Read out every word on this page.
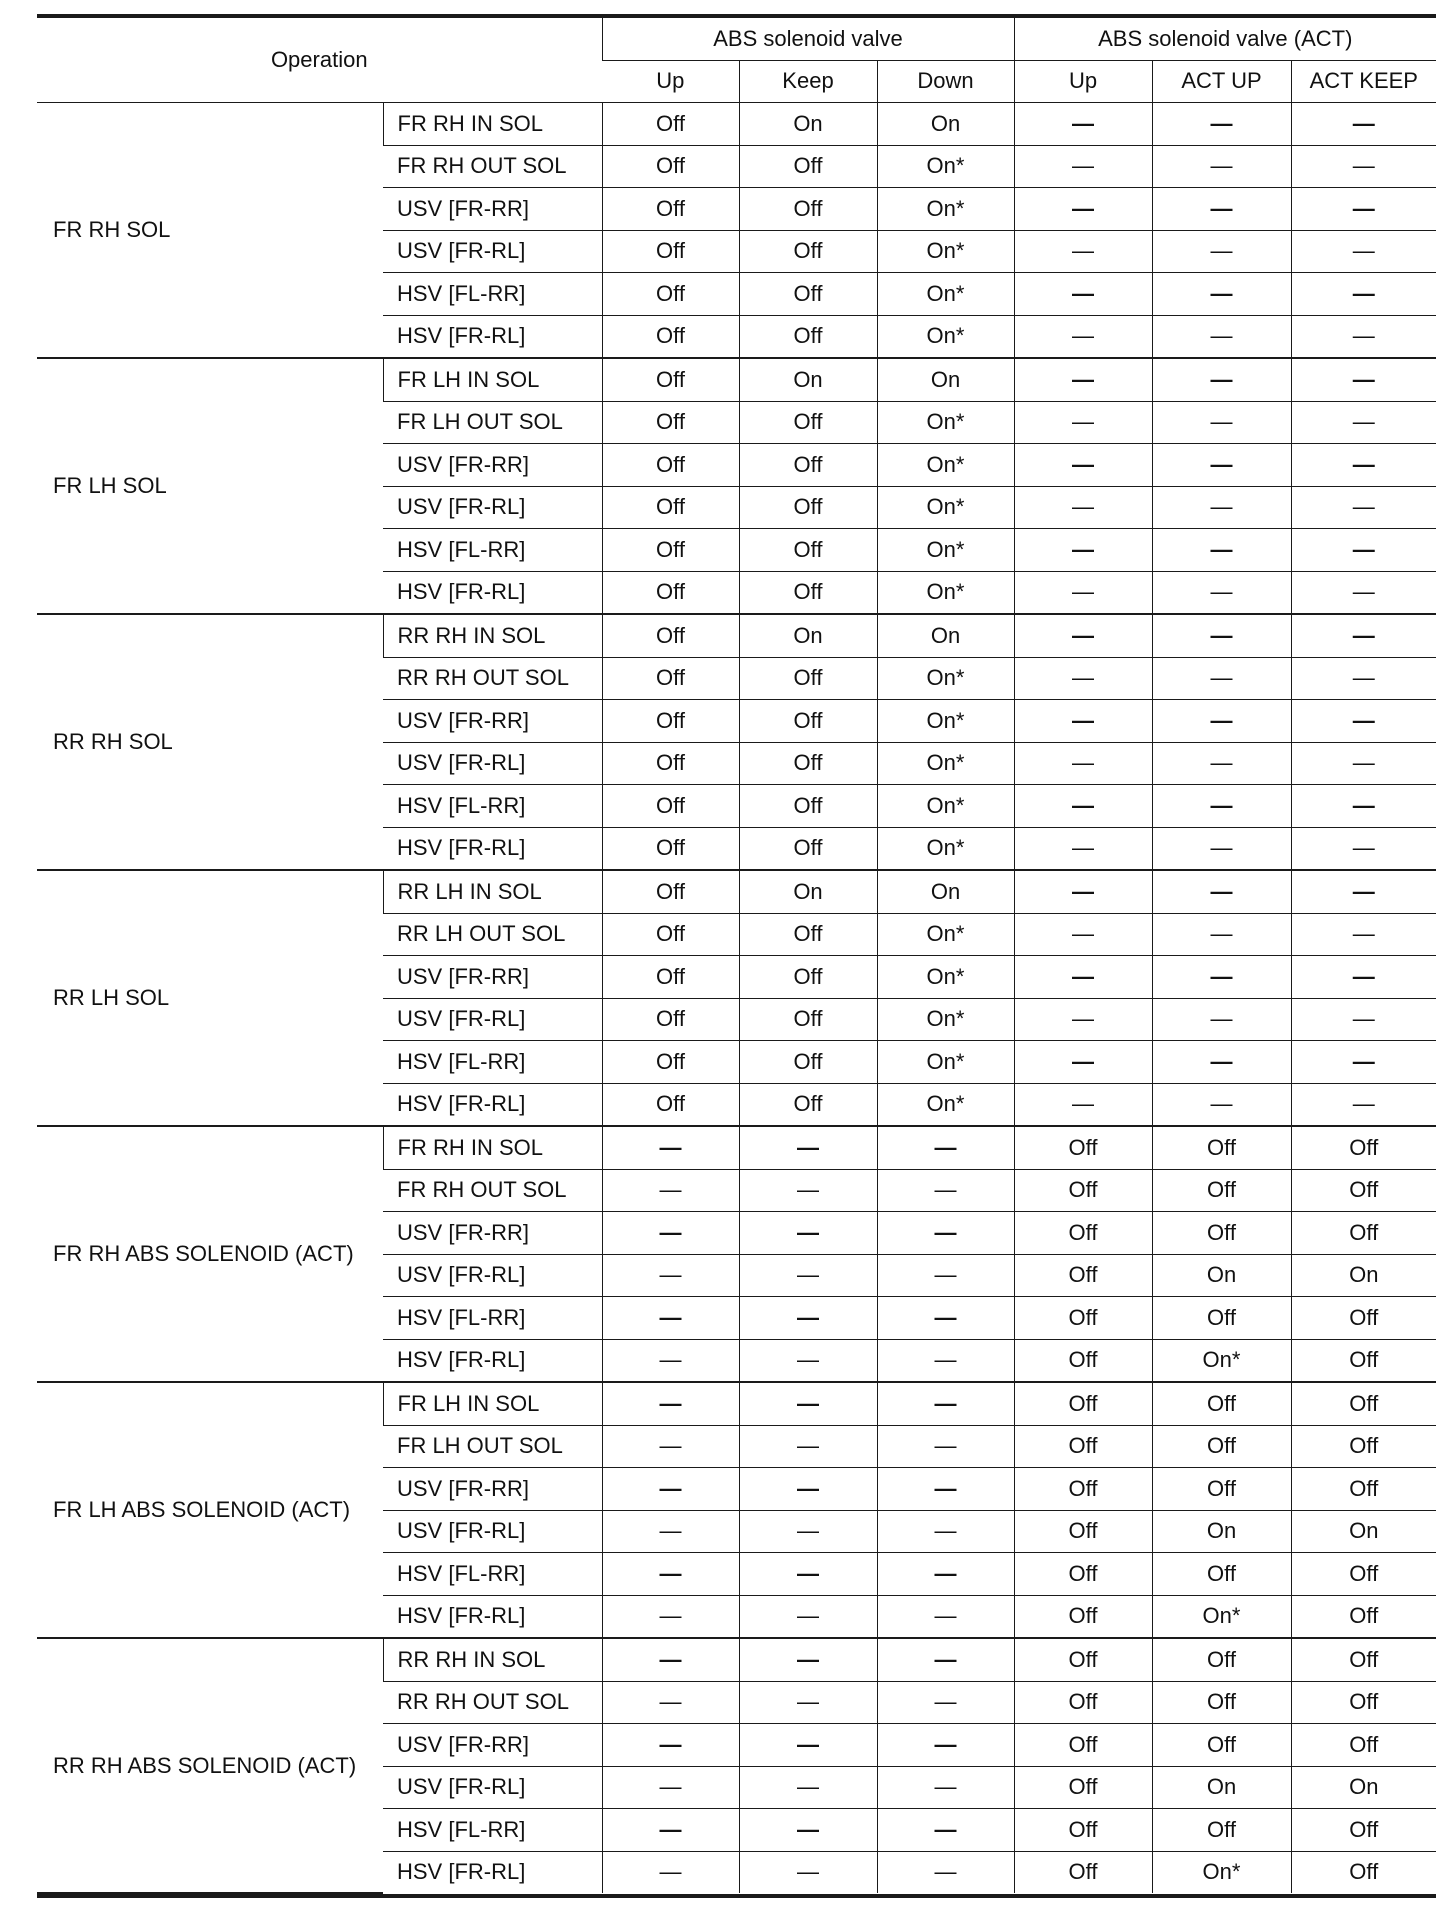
Operation		ABS solenoid valve			ABS solenoid valve (ACT)		
		Up	Keep	Down	Up	ACT UP	ACT KEEP
FR RH SOL	FR RH IN SOL	Off	On	On	—	—	—
	FR RH OUT SOL	Off	Off	On*	—	—	—
	USV [FR-RR]	Off	Off	On*	—	—	—
	USV [FR-RL]	Off	Off	On*	—	—	—
	HSV [FL-RR]	Off	Off	On*	—	—	—
	HSV [FR-RL]	Off	Off	On*	—	—	—
FR LH SOL	FR LH IN SOL	Off	On	On	—	—	—
	FR LH OUT SOL	Off	Off	On*	—	—	—
	USV [FR-RR]	Off	Off	On*	—	—	—
	USV [FR-RL]	Off	Off	On*	—	—	—
	HSV [FL-RR]	Off	Off	On*	—	—	—
	HSV [FR-RL]	Off	Off	On*	—	—	—
RR RH SOL	RR RH IN SOL	Off	On	On	—	—	—
	RR RH OUT SOL	Off	Off	On*	—	—	—
	USV [FR-RR]	Off	Off	On*	—	—	—
	USV [FR-RL]	Off	Off	On*	—	—	—
	HSV [FL-RR]	Off	Off	On*	—	—	—
	HSV [FR-RL]	Off	Off	On*	—	—	—
RR LH SOL	RR LH IN SOL	Off	On	On	—	—	—
	RR LH OUT SOL	Off	Off	On*	—	—	—
	USV [FR-RR]	Off	Off	On*	—	—	—
	USV [FR-RL]	Off	Off	On*	—	—	—
	HSV [FL-RR]	Off	Off	On*	—	—	—
	HSV [FR-RL]	Off	Off	On*	—	—	—
FR RH ABS SOLENOID (ACT)	FR RH IN SOL	—	—	—	Off	Off	Off
	FR RH OUT SOL	—	—	—	Off	Off	Off
	USV [FR-RR]	—	—	—	Off	Off	Off
	USV [FR-RL]	—	—	—	Off	On	On
	HSV [FL-RR]	—	—	—	Off	Off	Off
	HSV [FR-RL]	—	—	—	Off	On*	Off
FR LH ABS SOLENOID (ACT)	FR LH IN SOL	—	—	—	Off	Off	Off
	FR LH OUT SOL	—	—	—	Off	Off	Off
	USV [FR-RR]	—	—	—	Off	Off	Off
	USV [FR-RL]	—	—	—	Off	On	On
	HSV [FL-RR]	—	—	—	Off	Off	Off
	HSV [FR-RL]	—	—	—	Off	On*	Off
RR RH ABS SOLENOID (ACT)	RR RH IN SOL	—	—	—	Off	Off	Off
	RR RH OUT SOL	—	—	—	Off	Off	Off
	USV [FR-RR]	—	—	—	Off	Off	Off
	USV [FR-RL]	—	—	—	Off	On	On
	HSV [FL-RR]	—	—	—	Off	Off	Off
	HSV [FR-RL]	—	—	—	Off	On*	Off
